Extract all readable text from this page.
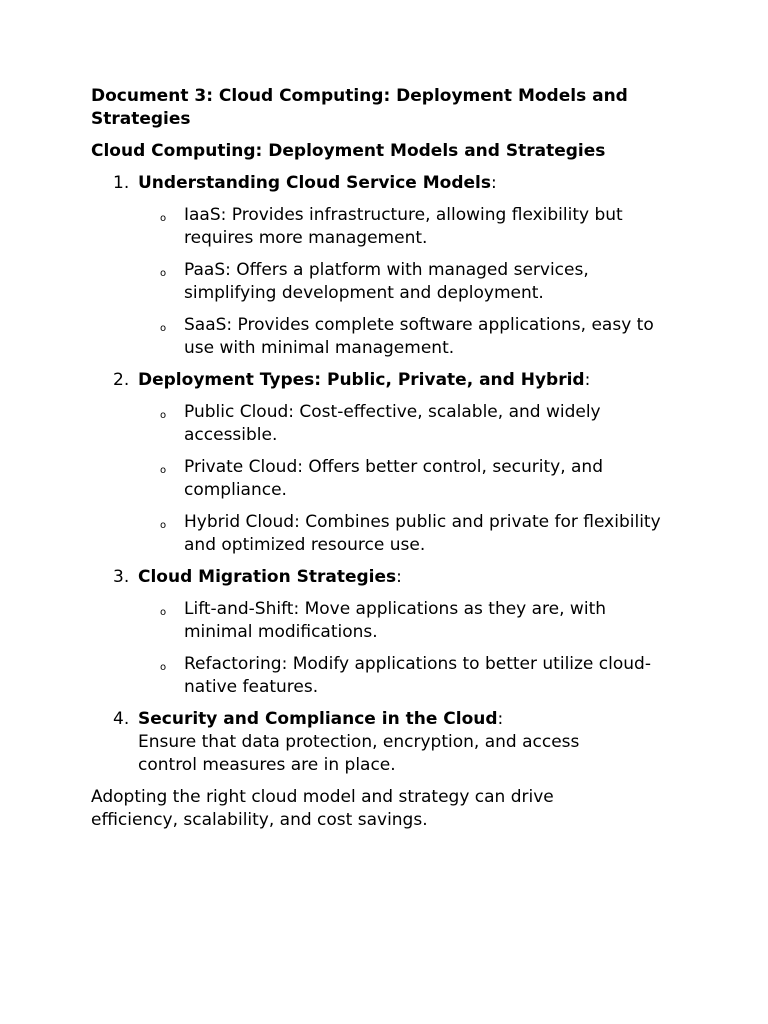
Document 3: Cloud Computing: Deployment Models and Strategies
Cloud Computing: Deployment Models and Strategies
1. Understanding Cloud Service Models:
o IaaS: Provides infrastructure, allowing flexibility but requires more management.
o PaaS: Offers a platform with managed services, simplifying development and deployment.
o SaaS: Provides complete software applications, easy to use with minimal management.
2. Deployment Types: Public, Private, and Hybrid:
o Public Cloud: Cost-effective, scalable, and widely accessible.
o Private Cloud: Offers better control, security, and compliance.
o Hybrid Cloud: Combines public and private for flexibility and optimized resource use.
3. Cloud Migration Strategies:
o Lift-and-Shift: Move applications as they are, with minimal modifications.
o Refactoring: Modify applications to better utilize cloud-native features.
4. Security and Compliance in the Cloud:
Ensure that data protection, encryption, and access control measures are in place.

Adopting the right cloud model and strategy can drive efficiency, scalability, and cost savings.
